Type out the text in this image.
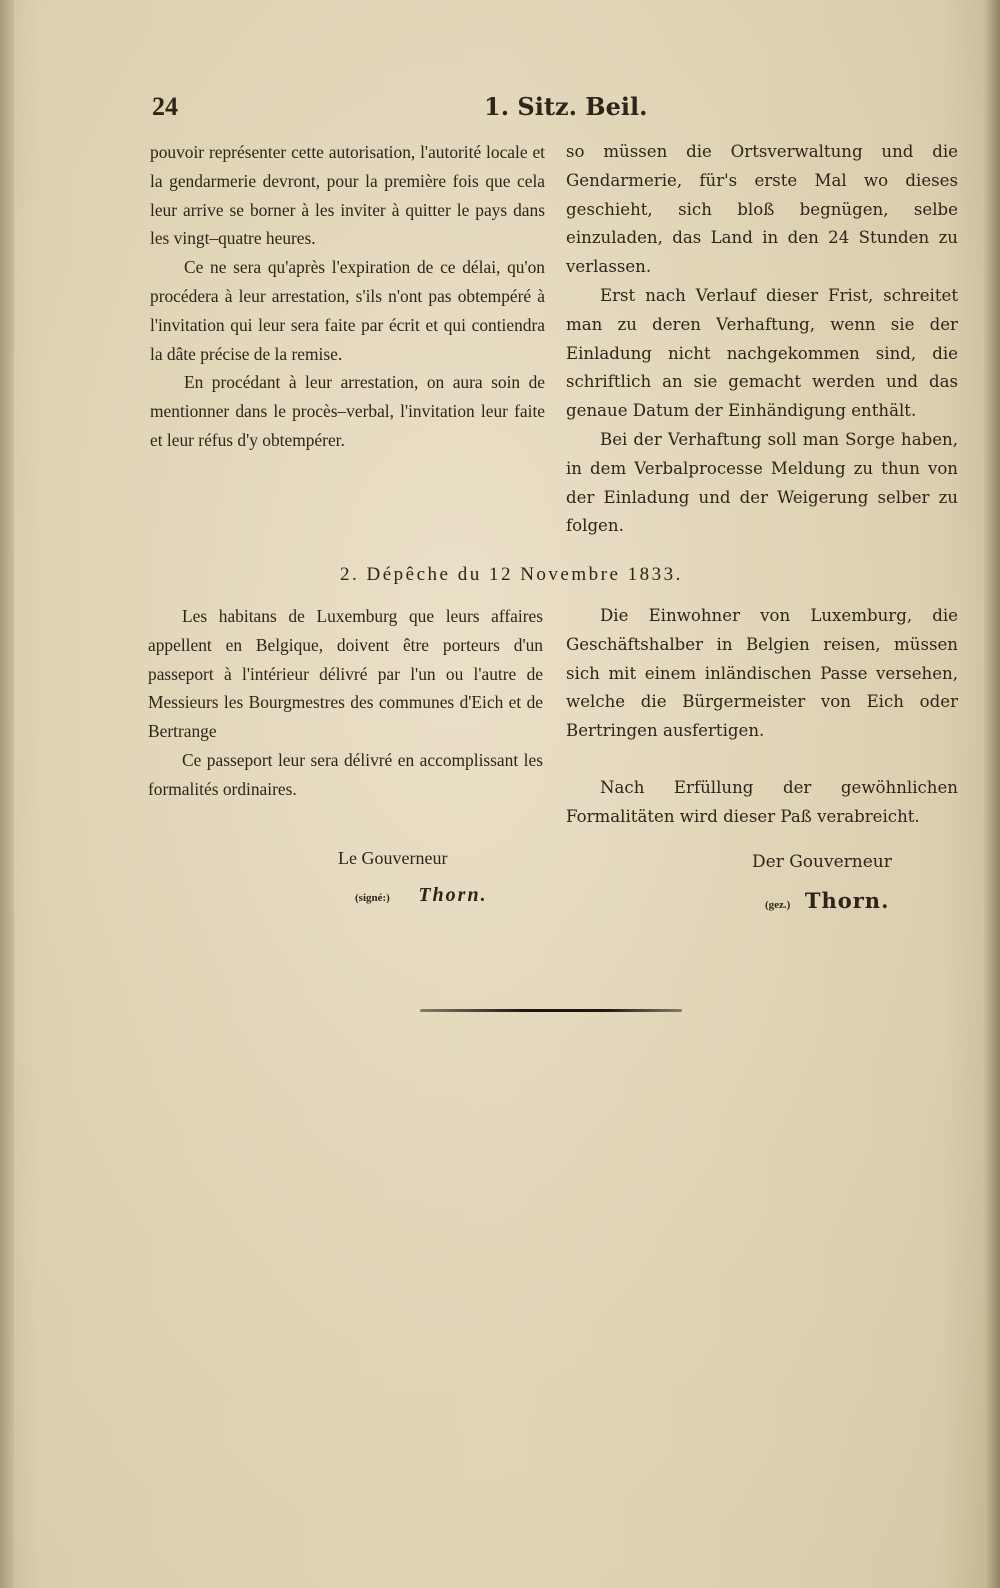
24	1. Sitz. Beil.
pouvoir représenter cette autorisation, l'autorité locale et la gendarmerie devront, pour la première fois que cela leur arrive se borner à les inviter à quitter le pays dans les vingt–quatre heures.
Ce ne sera qu'après l'expiration de ce délai, qu'on procédera à leur arrestation, s'ils n'ont pas obtempéré à l'invitation qui leur sera faite par écrit et qui contiendra la dâte précise de la remise.
En procédant à leur arrestation, on aura soin de mentionner dans le procès–verbal, l'invitation leur faite et leur réfus d'y obtempérer.
so müssen die Ortsverwaltung und die Gendarmerie, für's erste Mal wo dieses geschieht, sich bloß begnügen, selbe einzuladen, das Land in den 24 Stunden zu verlassen.
Erst nach Verlauf dieser Frist, schreitet man zu deren Verhaftung, wenn sie der Einladung nicht nachgekommen sind, die schriftlich an sie gemacht werden und das genaue Datum der Einhändigung enthält.
Bei der Verhaftung soll man Sorge haben, in dem Verbalprocesse Meldung zu thun von der Einladung und der Weigerung selber zu folgen.
2. Dépêche du 12 Novembre 1833.
Les habitans de Luxemburg que leurs affaires appellent en Belgique, doivent être porteurs d'un passeport à l'intérieur délivré par l'un ou l'autre de Messieurs les Bourgmestres des communes d'Eich et de Bertrange
Ce passeport leur sera délivré en accomplissant les formalités ordinaires.
Die Einwohner von Luxemburg, die Geschäftshalber in Belgien reisen, müssen sich mit einem inländischen Passe versehen, welche die Bürgermeister von Eich oder Bertringen ausfertigen.
Nach Erfüllung der gewöhnlichen Formalitäten wird dieser Paß verabreicht.
Le Gouverneur
(signé:) Thorn.
Der Gouverneur
(gez.) Thorn.
